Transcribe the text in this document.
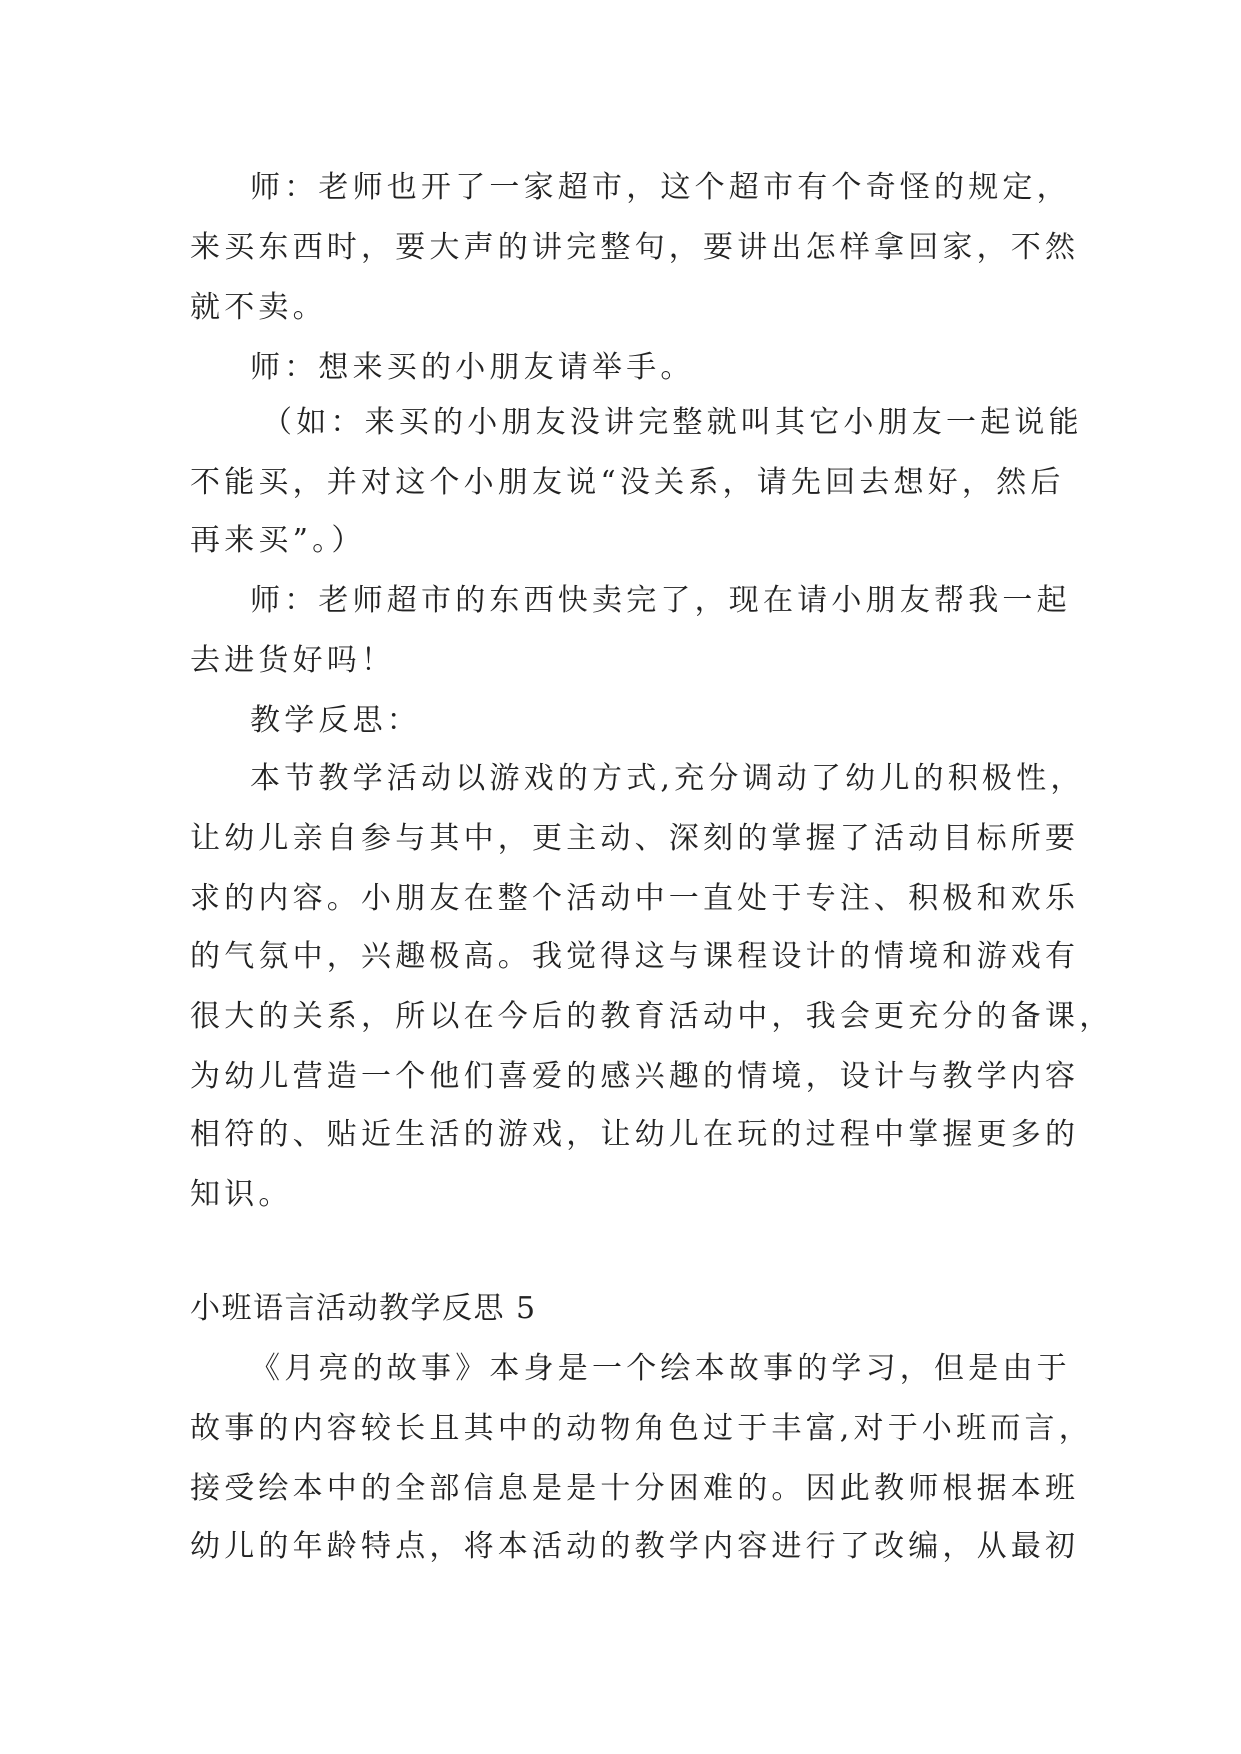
师：老师也开了一家超市，这个超市有个奇怪的规定，
来买东西时，要大声的讲完整句，要讲出怎样拿回家，不然
就不卖。
师：想来买的小朋友请举手。
（如：来买的小朋友没讲完整就叫其它小朋友一起说能
不能买，并对这个小朋友说“没关系，请先回去想好，然后
再来买”。）
师：老师超市的东西快卖完了，现在请小朋友帮我一起
去进货好吗！
教学反思：
本节教学活动以游戏的方式,充分调动了幼儿的积极性，
让幼儿亲自参与其中，更主动、深刻的掌握了活动目标所要
求的内容。小朋友在整个活动中一直处于专注、积极和欢乐
的气氛中，兴趣极高。我觉得这与课程设计的情境和游戏有
很大的关系，所以在今后的教育活动中，我会更充分的备课，
为幼儿营造一个他们喜爱的感兴趣的情境，设计与教学内容
相符的、贴近生活的游戏，让幼儿在玩的过程中掌握更多的
知识。
小班语言活动教学反思 5
《月亮的故事》本身是一个绘本故事的学习，但是由于
故事的内容较长且其中的动物角色过于丰富,对于小班而言，
接受绘本中的全部信息是是十分困难的。因此教师根据本班
幼儿的年龄特点，将本活动的教学内容进行了改编，从最初
